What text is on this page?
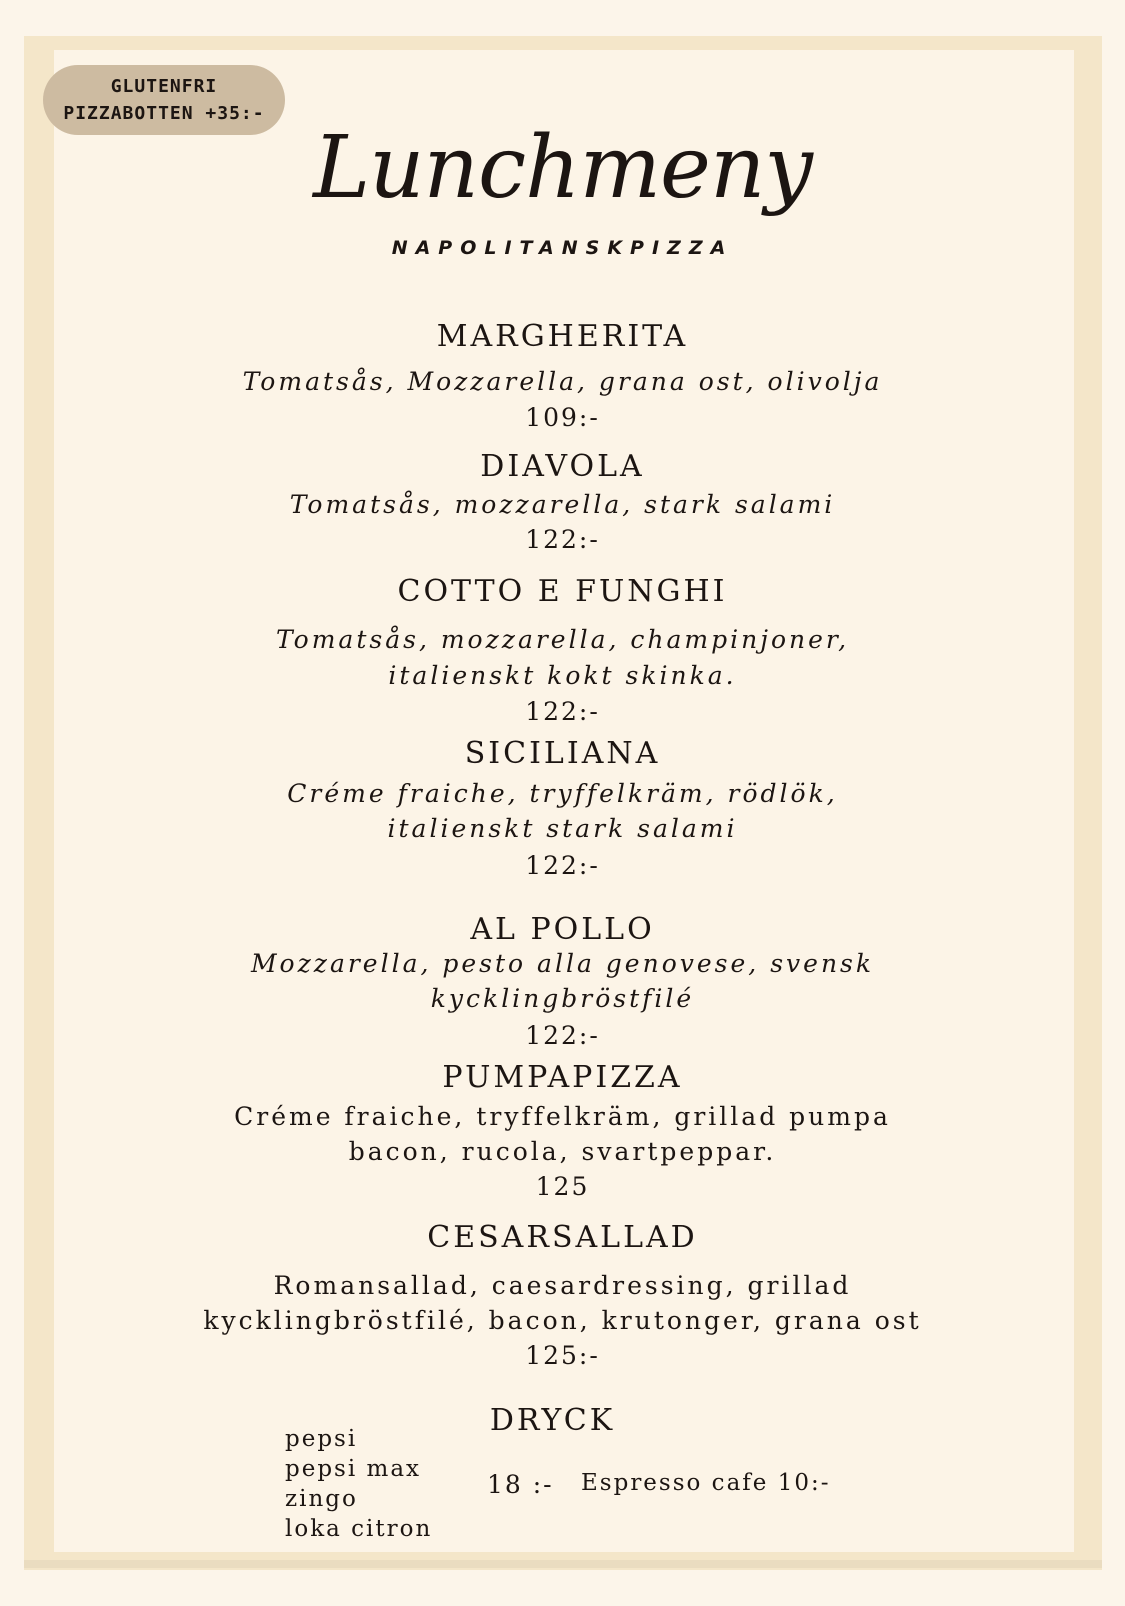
GLUTENFRI
PIZZABOTTEN +35:-
Lunchmeny
NAPOLITANSKPIZZA
MARGHERITA
Tomatsås, Mozzarella, grana ost, olivolja
109:-
DIAVOLA
Tomatsås, mozzarella, stark salami
122:-
COTTO E FUNGHI
Tomatsås, mozzarella, champinjoner,
italienskt kokt skinka.
122:-
SICILIANA
Créme fraiche, tryffelkräm, rödlök,
italienskt stark salami
122:-
AL POLLO
Mozzarella, pesto alla genovese, svensk
kycklingbröstfilé
122:-
PUMPAPIZZA
Créme fraiche, tryffelkräm, grillad pumpa
bacon, rucola, svartpeppar.
125
CESARSALLAD
Romansallad, caesardressing, grillad
kycklingbröstfilé, bacon, krutonger, grana ost
125:-
DRYCK
pepsi
pepsi max
zingo
loka citron
18 :- Espresso cafe 10:-
